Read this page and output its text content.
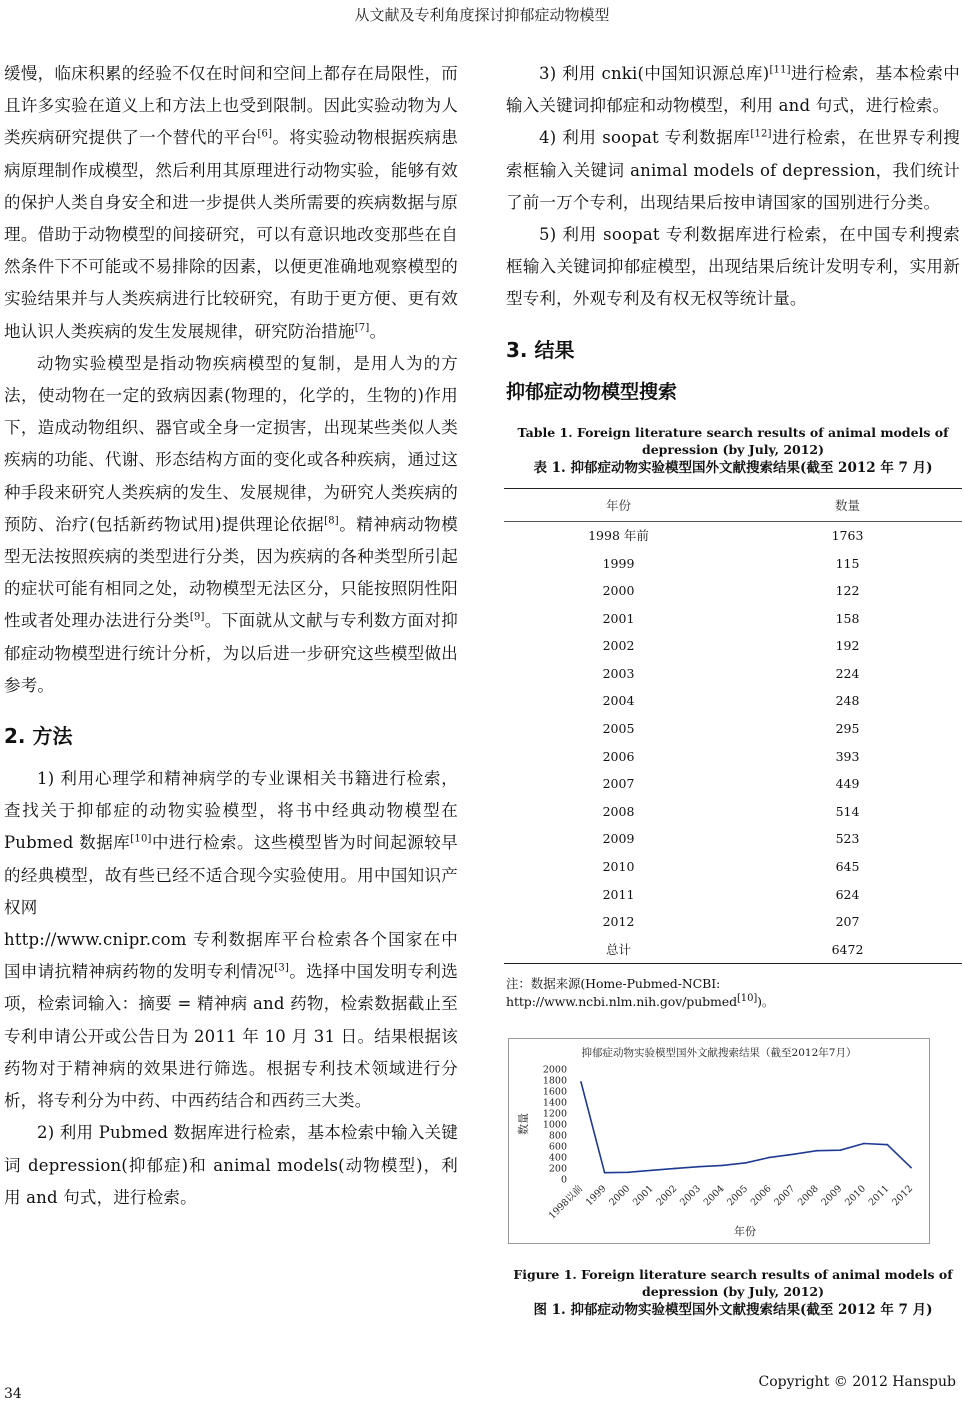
从文献及专利角度探讨抑郁症动物模型

缓慢，临床积累的经验不仅在时间和空间上都存在局限性，而且许多实验在道义上和方法上也受到限制。因此实验动物为人类疾病研究提供了一个替代的平台[6]。将实验动物根据疾病患病原理制作成模型，然后利用其原理进行动物实验，能够有效的保护人类自身安全和进一步提供人类所需要的疾病数据与原理。借助于动物模型的间接研究，可以有意识地改变那些在自然条件下不可能或不易排除的因素，以便更准确地观察模型的实验结果并与人类疾病进行比较研究，有助于更方便、更有效地认识人类疾病的发生发展规律，研究防治措施[7]。

动物实验模型是指动物疾病模型的复制，是用人为的方法，使动物在一定的致病因素(物理的，化学的，生物的)作用下，造成动物组织、器官或全身一定损害，出现某些类似人类疾病的功能、代谢、形态结构方面的变化或各种疾病，通过这种手段来研究人类疾病的发生、发展规律，为研究人类疾病的预防、治疗(包括新药物试用)提供理论依据[8]。精神病动物模型无法按照疾病的类型进行分类，因为疾病的各种类型所引起的症状可能有相同之处，动物模型无法区分，只能按照阴性阳性或者处理办法进行分类[9]。下面就从文献与专利数方面对抑郁症动物模型进行统计分析，为以后进一步研究这些模型做出参考。

2. 方法

1) 利用心理学和精神病学的专业课相关书籍进行检索，查找关于抑郁症的动物实验模型，将书中经典动物模型在 Pubmed 数据库[10]中进行检索。这些模型皆为时间起源较早的经典模型，故有些已经不适合现今实验使用。用中国知识产权网

http://www.cnipr.com 专利数据库平台检索各个国家在中国申请抗精神病药物的发明专利情况[3]。选择中国发明专利选项，检索词输入：摘要 = 精神病 and 药物，检索数据截止至专利申请公开或公告日为 2011 年 10 月 31 日。结果根据该药物对于精神病的效果进行筛选。根据专利技术领域进行分析，将专利分为中药、中西药结合和西药三大类。

2) 利用 Pubmed 数据库进行检索，基本检索中输入关键词 depression(抑郁症)和 animal models(动物模型)，利用 and 句式，进行检索。

3) 利用 cnki(中国知识源总库)[11]进行检索，基本检索中输入关键词抑郁症和动物模型，利用 and 句式，进行检索。

4) 利用 soopat 专利数据库[12]进行检索，在世界专利搜索框输入关键词 animal models of depression，我们统计了前一万个专利，出现结果后按申请国家的国别进行分类。

5) 利用 soopat 专利数据库进行检索，在中国专利搜索框输入关键词抑郁症模型，出现结果后统计发明专利，实用新型专利，外观专利及有权无权等统计量。

3. 结果
抑郁症动物模型搜索
Table 1. Foreign literature search results of animal models of depression (by July, 2012)
表 1. 抑郁症动物实验模型国外文献搜索结果(截至 2012 年 7 月)
年份	数量
1998 年前	1763
1999	115
2000	122
2001	158
2002	192
2003	224
2004	248
2005	295
2006	393
2007	449
2008	514
2009	523
2010	645
2011	624
2012	207
总计	6472
注：数据来源(Home-Pubmed-NCBI: http://www.ncbi.nlm.nih.gov/pubmed[10])。
抑郁症动物实验模型国外文献搜索结果（截至2012年7月）
0
200
400
600
800
1000
1200
1400
1600
1800
2000
数量
1998以前
1999
2000
2001
2002
2003
2004
2005
2006
2007
2008
2009
2010
2011
2012
年份
Figure 1. Foreign literature search results of animal models of depression (by July, 2012)
图 1. 抑郁症动物实验模型国外文献搜索结果(截至 2012 年 7 月)
34
Copyright © 2012 Hanspub
